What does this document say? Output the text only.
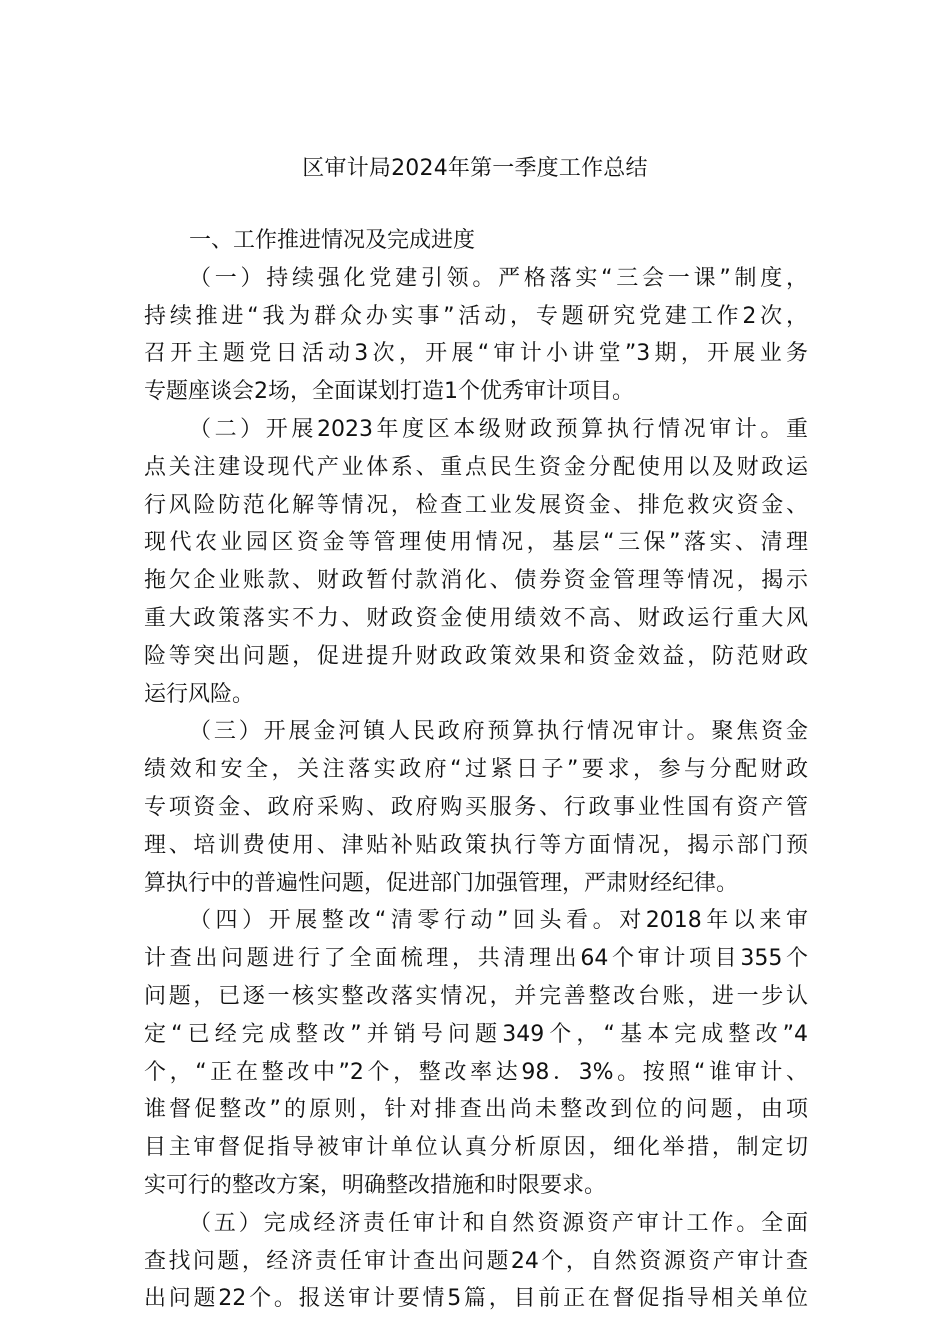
区审计局2024年第一季度工作总结
一、工作推进情况及完成进度
（一）持续强化党建引领。严格落实“三会一课”制度，
持续推进“我为群众办实事”活动，专题研究党建工作2次，
召开主题党日活动3次，开展“审计小讲堂”3期，开展业务
专题座谈会2场，全面谋划打造1个优秀审计项目。
（二）开展2023年度区本级财政预算执行情况审计。重
点关注建设现代产业体系、重点民生资金分配使用以及财政运
行风险防范化解等情况，检查工业发展资金、排危救灾资金、
现代农业园区资金等管理使用情况，基层“三保”落实、清理
拖欠企业账款、财政暂付款消化、债券资金管理等情况，揭示
重大政策落实不力、财政资金使用绩效不高、财政运行重大风
险等突出问题，促进提升财政政策效果和资金效益，防范财政
运行风险。
（三）开展金河镇人民政府预算执行情况审计。聚焦资金
绩效和安全，关注落实政府“过紧日子”要求，参与分配财政
专项资金、政府采购、政府购买服务、行政事业性国有资产管
理、培训费使用、津贴补贴政策执行等方面情况，揭示部门预
算执行中的普遍性问题，促进部门加强管理，严肃财经纪律。
（四）开展整改“清零行动”回头看。对2018年以来审
计查出问题进行了全面梳理，共清理出64个审计项目355个
问题，已逐一核实整改落实情况，并完善整改台账，进一步认
定“已经完成整改”并销号问题349个，“基本完成整改”4
个，“正在整改中”2个，整改率达98．3%。按照“谁审计、
谁督促整改”的原则，针对排查出尚未整改到位的问题，由项
目主审督促指导被审计单位认真分析原因，细化举措，制定切
实可行的整改方案，明确整改措施和时限要求。
（五）完成经济责任审计和自然资源资产审计工作。全面
查找问题，经济责任审计查出问题24个，自然资源资产审计查
出问题22个。报送审计要情5篇，目前正在督促指导相关单位
